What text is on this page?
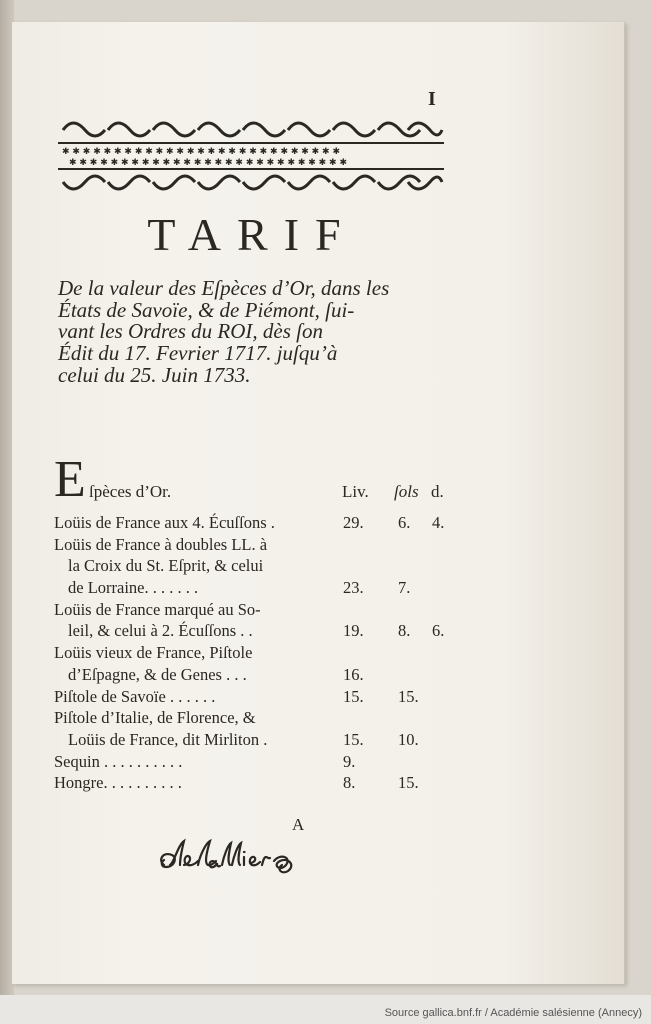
I
✱ ✱ ✱ ✱ ✱ ✱ ✱ ✱ ✱ ✱ ✱ ✱ ✱ ✱ ✱ ✱ ✱ ✱ ✱ ✱ ✱ ✱ ✱ ✱ ✱ ✱ ✱
✱ ✱ ✱ ✱ ✱ ✱ ✱ ✱ ✱ ✱ ✱ ✱ ✱ ✱ ✱ ✱ ✱ ✱ ✱ ✱ ✱ ✱ ✱ ✱ ✱ ✱ ✱
TARIF
De la valeur des Eſpèces d’Or, dans les
États de Savoïe, & de Piémont, ſui-
vant les Ordres du ROI, dès ſon
Édit du 17. Fevrier 1717. juſqu’à
celui du 25. Juin 1733.
E ſpèces d’Or.	Liv. ſols d.
Loüis de France aux 4. Écuſſons .	29. 6. 4.
Loüis de France à doubles LL. à
la Croix du St. Eſprit, & celui
de Lorraine. . . . . . .	23. 7.
Loüis de France marqué au So-
leil, & celui à 2. Écuſſons . .	19. 8. 6.
Loüis vieux de France, Piſtole
d’Eſpagne, & de Genes . . .	16.
Piſtole de Savoïe . . . . . .	15. 15.
Piſtole d’Italie, de Florence, &
Loüis de France, dit Mirliton .	15. 10.
Sequin . . . . . . . . . .	9.
Hongre. . . . . . . . . .	8.	15.
A
Source gallica.bnf.fr / Académie salésienne (Annecy)
